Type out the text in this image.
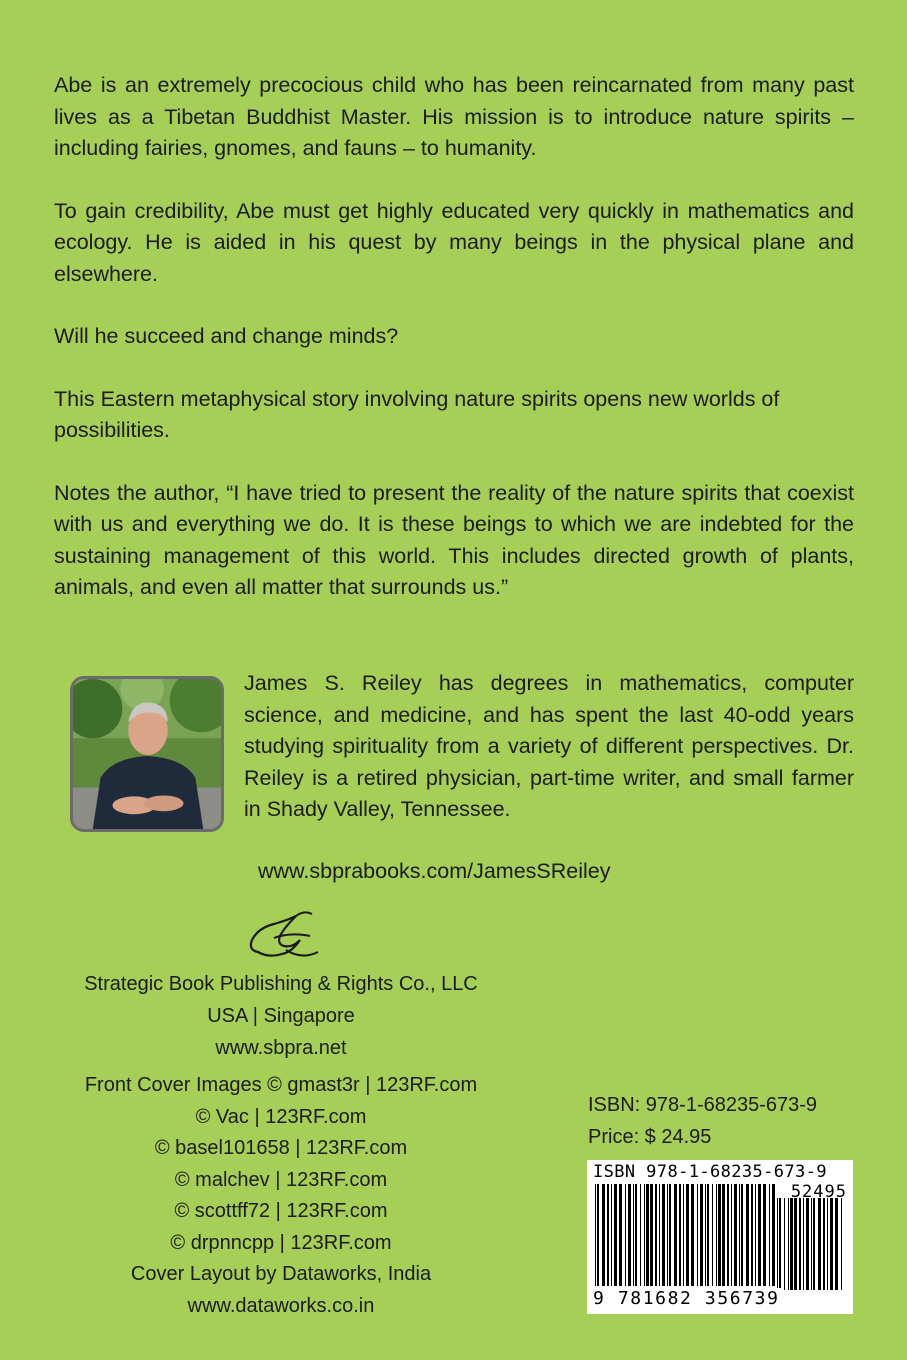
Abe is an extremely precocious child who has been reincarnated from many past lives as a Tibetan Buddhist Master. His mission is to introduce nature spirits – including fairies, gnomes, and fauns – to humanity.

To gain credibility, Abe must get highly educated very quickly in mathematics and ecology. He is aided in his quest by many beings in the physical plane and elsewhere.

Will he succeed and change minds?

This Eastern metaphysical story involving nature spirits opens new worlds of possibilities.

Notes the author, “I have tried to present the reality of the nature spirits that coexist with us and everything we do. It is these beings to which we are indebted for the sustaining management of this world. This includes directed growth of plants, animals, and even all matter that surrounds us.”

James S. Reiley has degrees in mathematics, computer science, and medicine, and has spent the last 40-odd years studying spirituality from a variety of different perspectives. Dr. Reiley is a retired physician, part-time writer, and small farmer in Shady Valley, Tennessee.

www.sbprabooks.com/JamesSReiley
Strategic Book Publishing & Rights Co., LLC
USA | Singapore
www.sbpra.net
Front Cover Images © gmast3r | 123RF.com
© Vac | 123RF.com
© basel101658 | 123RF.com
© malchev | 123RF.com
© scottff72 | 123RF.com
© drpnncpp | 123RF.com
Cover Layout by Dataworks, India
www.dataworks.co.in
ISBN: 978-1-68235-673-9
Price: $ 24.95
ISBN 978-1-68235-673-9
52495
9 781682 356739
